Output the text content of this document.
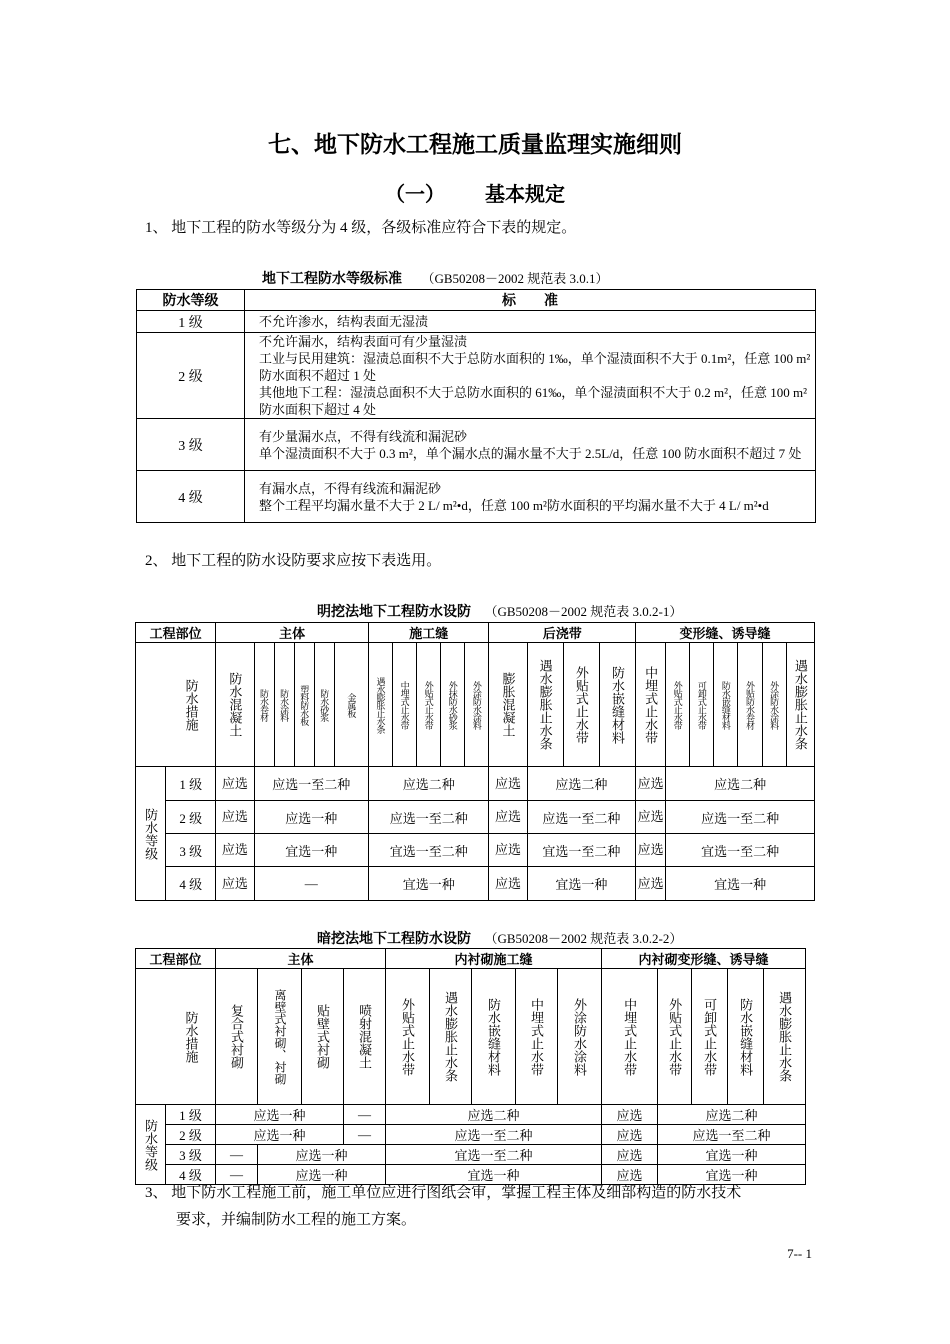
七、地下防水工程施工质量监理实施细则
（一） 基本规定
1、 地下工程的防水等级分为 4 级，各级标准应符合下表的规定。
地下工程防水等级标准 （GB50208－2002 规范表 3.0.1）
防水等级	标　　准
1 级	不允许渗水，结构表面无湿渍

2 级	不允许漏水，结构表面可有少量湿渍
工业与民用建筑：湿渍总面积不大于总防水面积的 1‰，单个湿渍面积不大于 0.1m²，任意 100 m²防水面积不超过 1 处
其他地下工程：湿渍总面积不大于总防水面积的 61‰，单个湿渍面积不大于 0.2 m²，任意 100 m²防水面积下超过 4 处

3 级	有少量漏水点，不得有线流和漏泥砂
单个湿渍面积不大于 0.3 m²，单个漏水点的漏水量不大于 2.5L/d，任意 100 防水面积不超过 7 处

4 级	有漏水点，不得有线流和漏泥砂
整个工程平均漏水量不大于 2 L/ m²•d，任意 100 m²防水面积的平均漏水量不大于 4 L/ m²•d
2、 地下工程的防水设防要求应按下表选用。
明挖法地下工程防水设防 （GB50208－2002 规范表 3.0.2-1）
工程部位		主体						施工缝					后浇带				变形缝、诱导缝						

防水措施		防水混凝土	防水卷材	防水涂料	塑料防水板	防水砂浆	金属板	遇水膨胀止水条	中埋式止水带	外贴式止水带	外抹防水砂浆	外涂防水涂料	膨胀混凝土	遇水膨胀止水条	外贴式止水带	防水嵌缝材料	中埋式止水带	外贴式止水带	可卸式止水带	防水嵌缝材料	外贴防水卷材	外涂防水涂料	遇水膨胀止水条

防水等级	1 级	应选	应选一至二种					应选二种					应选	应选二种			应选	应选二种					
	2 级	应选	应选一种					应选一至二种					应选	应选一至二种			应选	应选一至二种					
	3 级	应选	宜选一种					宜选一至二种					应选	宜选一至二种			应选	宜选一至二种					
	4 级	应选	—					宜选一种					应选	宜选一种			应选	宜选一种					
暗挖法地下工程防水设防 （GB50208－2002 规范表 3.0.2-2）
工程部位		主体				内衬砌施工缝					内衬砌变形缝、诱导缝				

防水措施		复合式衬砌	离壁式衬砌、衬砌	贴壁式衬砌	喷射混凝土	外贴式止水带	遇水膨胀止水条	防水嵌缝材料	中埋式止水带	外涂防水涂料	中埋式止水带	外贴式止水带	可卸式止水带	防水嵌缝材料	遇水膨胀止水条

防水等级	1 级	应选一种			—	应选二种					应选	应选二种			
	2 级	应选一种			—	应选一至二种					应选	应选一至二种			
	3 级	—	应选一种			宜选一至二种					应选	宜选一种			
	4 级	—	应选一种			宜选一种					应选	宜选一种			
3、 地下防水工程施工前，施工单位应进行图纸会审，掌握工程主体及细部构造的防水技术
要求，并编制防水工程的施工方案。
7-- 1
